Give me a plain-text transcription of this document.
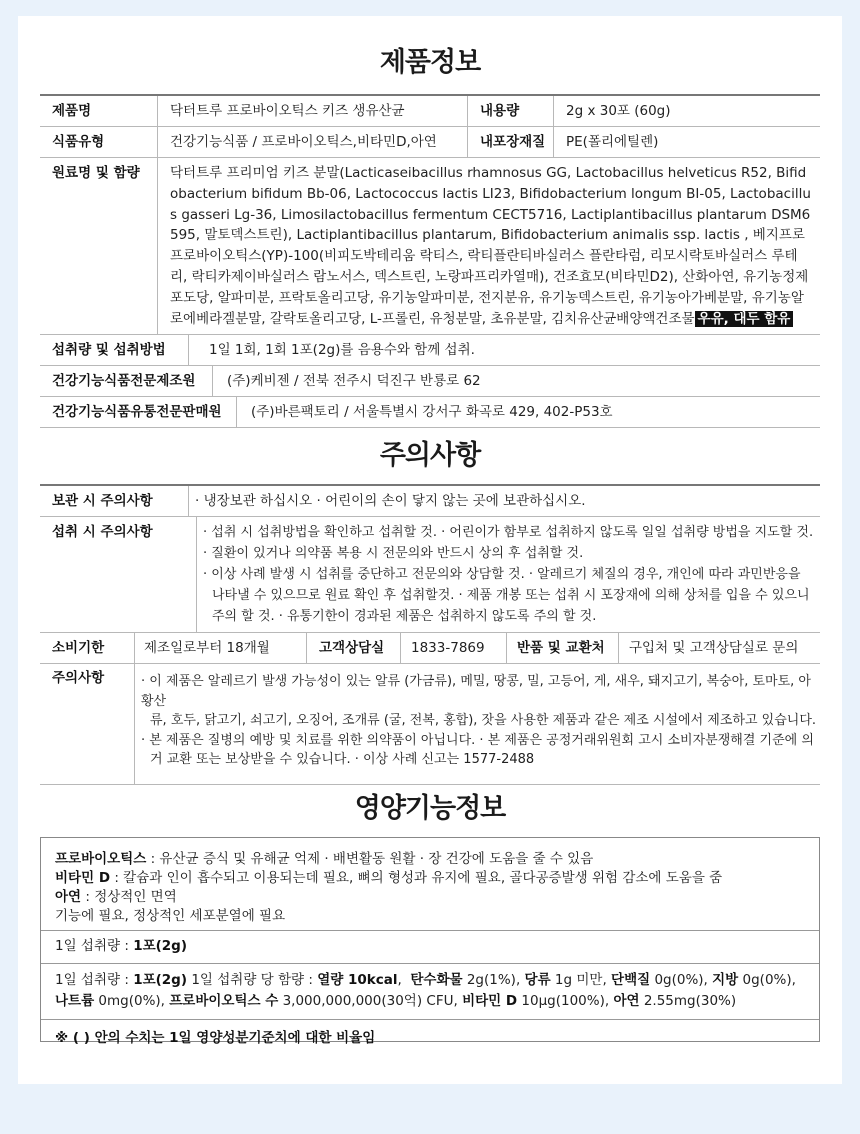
제품정보
제품명	닥터트루 프로바이오틱스 키즈 생유산균	내용량	2g x 30포 (60g)
식품유형	건강기능식품 / 프로바이오틱스,비타민D,아연	내포장재질	PE(폴리에틸렌)
원료명 및 함량	닥터트루 프리미엄 키즈 분말(Lacticaseibacillus rhamnosus GG, Lactobacillus helveticus R52, Bifidobacterium bifidum Bb-06, Lactococcus lactis LI23, Bifidobacterium longum BI-05, Lactobacillus gasseri Lg-36, Limosilactobacillus fermentum CECT5716, Lactiplantibacillus plantarum DSM6595, 말토덱스트린), Lactiplantibacillus plantarum, Bifidobacterium animalis ssp. lactis , 베지프로 프로바이오틱스(YP)-100(비피도박테리움 락티스, 락티플란티바실러스 플란타럼, 리모시락토바실러스 루테리, 락티카제이바실러스 람노서스, 덱스트린, 노랑파프리카열매), 건조효모(비타민D2), 산화아연, 유기농정제포도당, 알파미분, 프락토올리고당, 유기농알파미분, 전지분유, 유기농덱스트린, 유기농아가베분말, 유기농알로에베라겔분말, 갈락토올리고당, L-프롤린, 유청분말, 초유분말, 김치유산균배양액건조물 우유, 대두 함유
섭취량 및 섭취방법	1일 1회, 1회 1포(2g)를 음용수와 함께 섭취.
건강기능식품전문제조원	(주)케비젠 / 전북 전주시 덕진구 반룡로 62
건강기능식품유통전문판매원	(주)바른팩토리 / 서울특별시 강서구 화곡로 429, 402-P53호
주의사항
보관 시 주의사항	· 냉장보관 하십시오 · 어린이의 손이 닿지 않는 곳에 보관하십시오.
섭취 시 주의사항	· 섭취 시 섭취방법을 확인하고 섭취할 것. · 어린이가 함부로 섭취하지 않도록 일일 섭취량 방법을 지도할 것.
· 질환이 있거나 의약품 복용 시 전문의와 반드시 상의 후 섭취할 것.
· 이상 사례 발생 시 섭취를 중단하고 전문의와 상담할 것. · 알레르기 체질의 경우, 개인에 따라 과민반응을
나타낼 수 있으므로 원료 확인 후 섭취할것. · 제품 개봉 또는 섭취 시 포장재에 의해 상처를 입을 수 있으니
주의 할 것. · 유통기한이 경과된 제품은 섭취하지 않도록 주의 할 것.
소비기한	제조일로부터 18개월	고객상담실	1833-7869	반품 및 교환처	구입처 및 고객상담실로 문의
주의사항	· 이 제품은 알레르기 발생 가능성이 있는 알류 (가금류), 메밀, 땅콩, 밀, 고등어, 게, 새우, 돼지고기, 복숭아, 토마토, 아황산
류, 호두, 닭고기, 쇠고기, 오징어, 조개류 (굴, 전복, 홍합), 잣을 사용한 제품과 같은 제조 시설에서 제조하고 있습니다.
· 본 제품은 질병의 예방 및 치료를 위한 의약품이 아닙니다. · 본 제품은 공정거래위원회 고시 소비자분쟁해결 기준에 의
거 교환 또는 보상받을 수 있습니다. · 이상 사례 신고는 1577-2488
영양기능정보
프로바이오틱스 : 유산균 증식 및 유해균 억제 · 배변활동 원활 · 장 건강에 도움을 줄 수 있음
비타민 D : 칼슘과 인이 흡수되고 이용되는데 필요, 뼈의 형성과 유지에 필요, 골다공증발생 위험 감소에 도움을 줌
아연 : 정상적인 면역
기능에 필요, 정상적인 세포분열에 필요
1일 섭취량 : 1포(2g)
1일 섭취량 : 1포(2g) 1일 섭취량 당 함량 : 열량 10kcal,  탄수화물 2g(1%), 당류 1g 미만, 단백질 0g(0%), 지방 0g(0%),
나트륨 0mg(0%), 프로바이오틱스 수 3,000,000,000(30억) CFU, 비타민 D 10μg(100%), 아연 2.55mg(30%)
※ ( ) 안의 수치는 1일 영양성분기준치에 대한 비율임
